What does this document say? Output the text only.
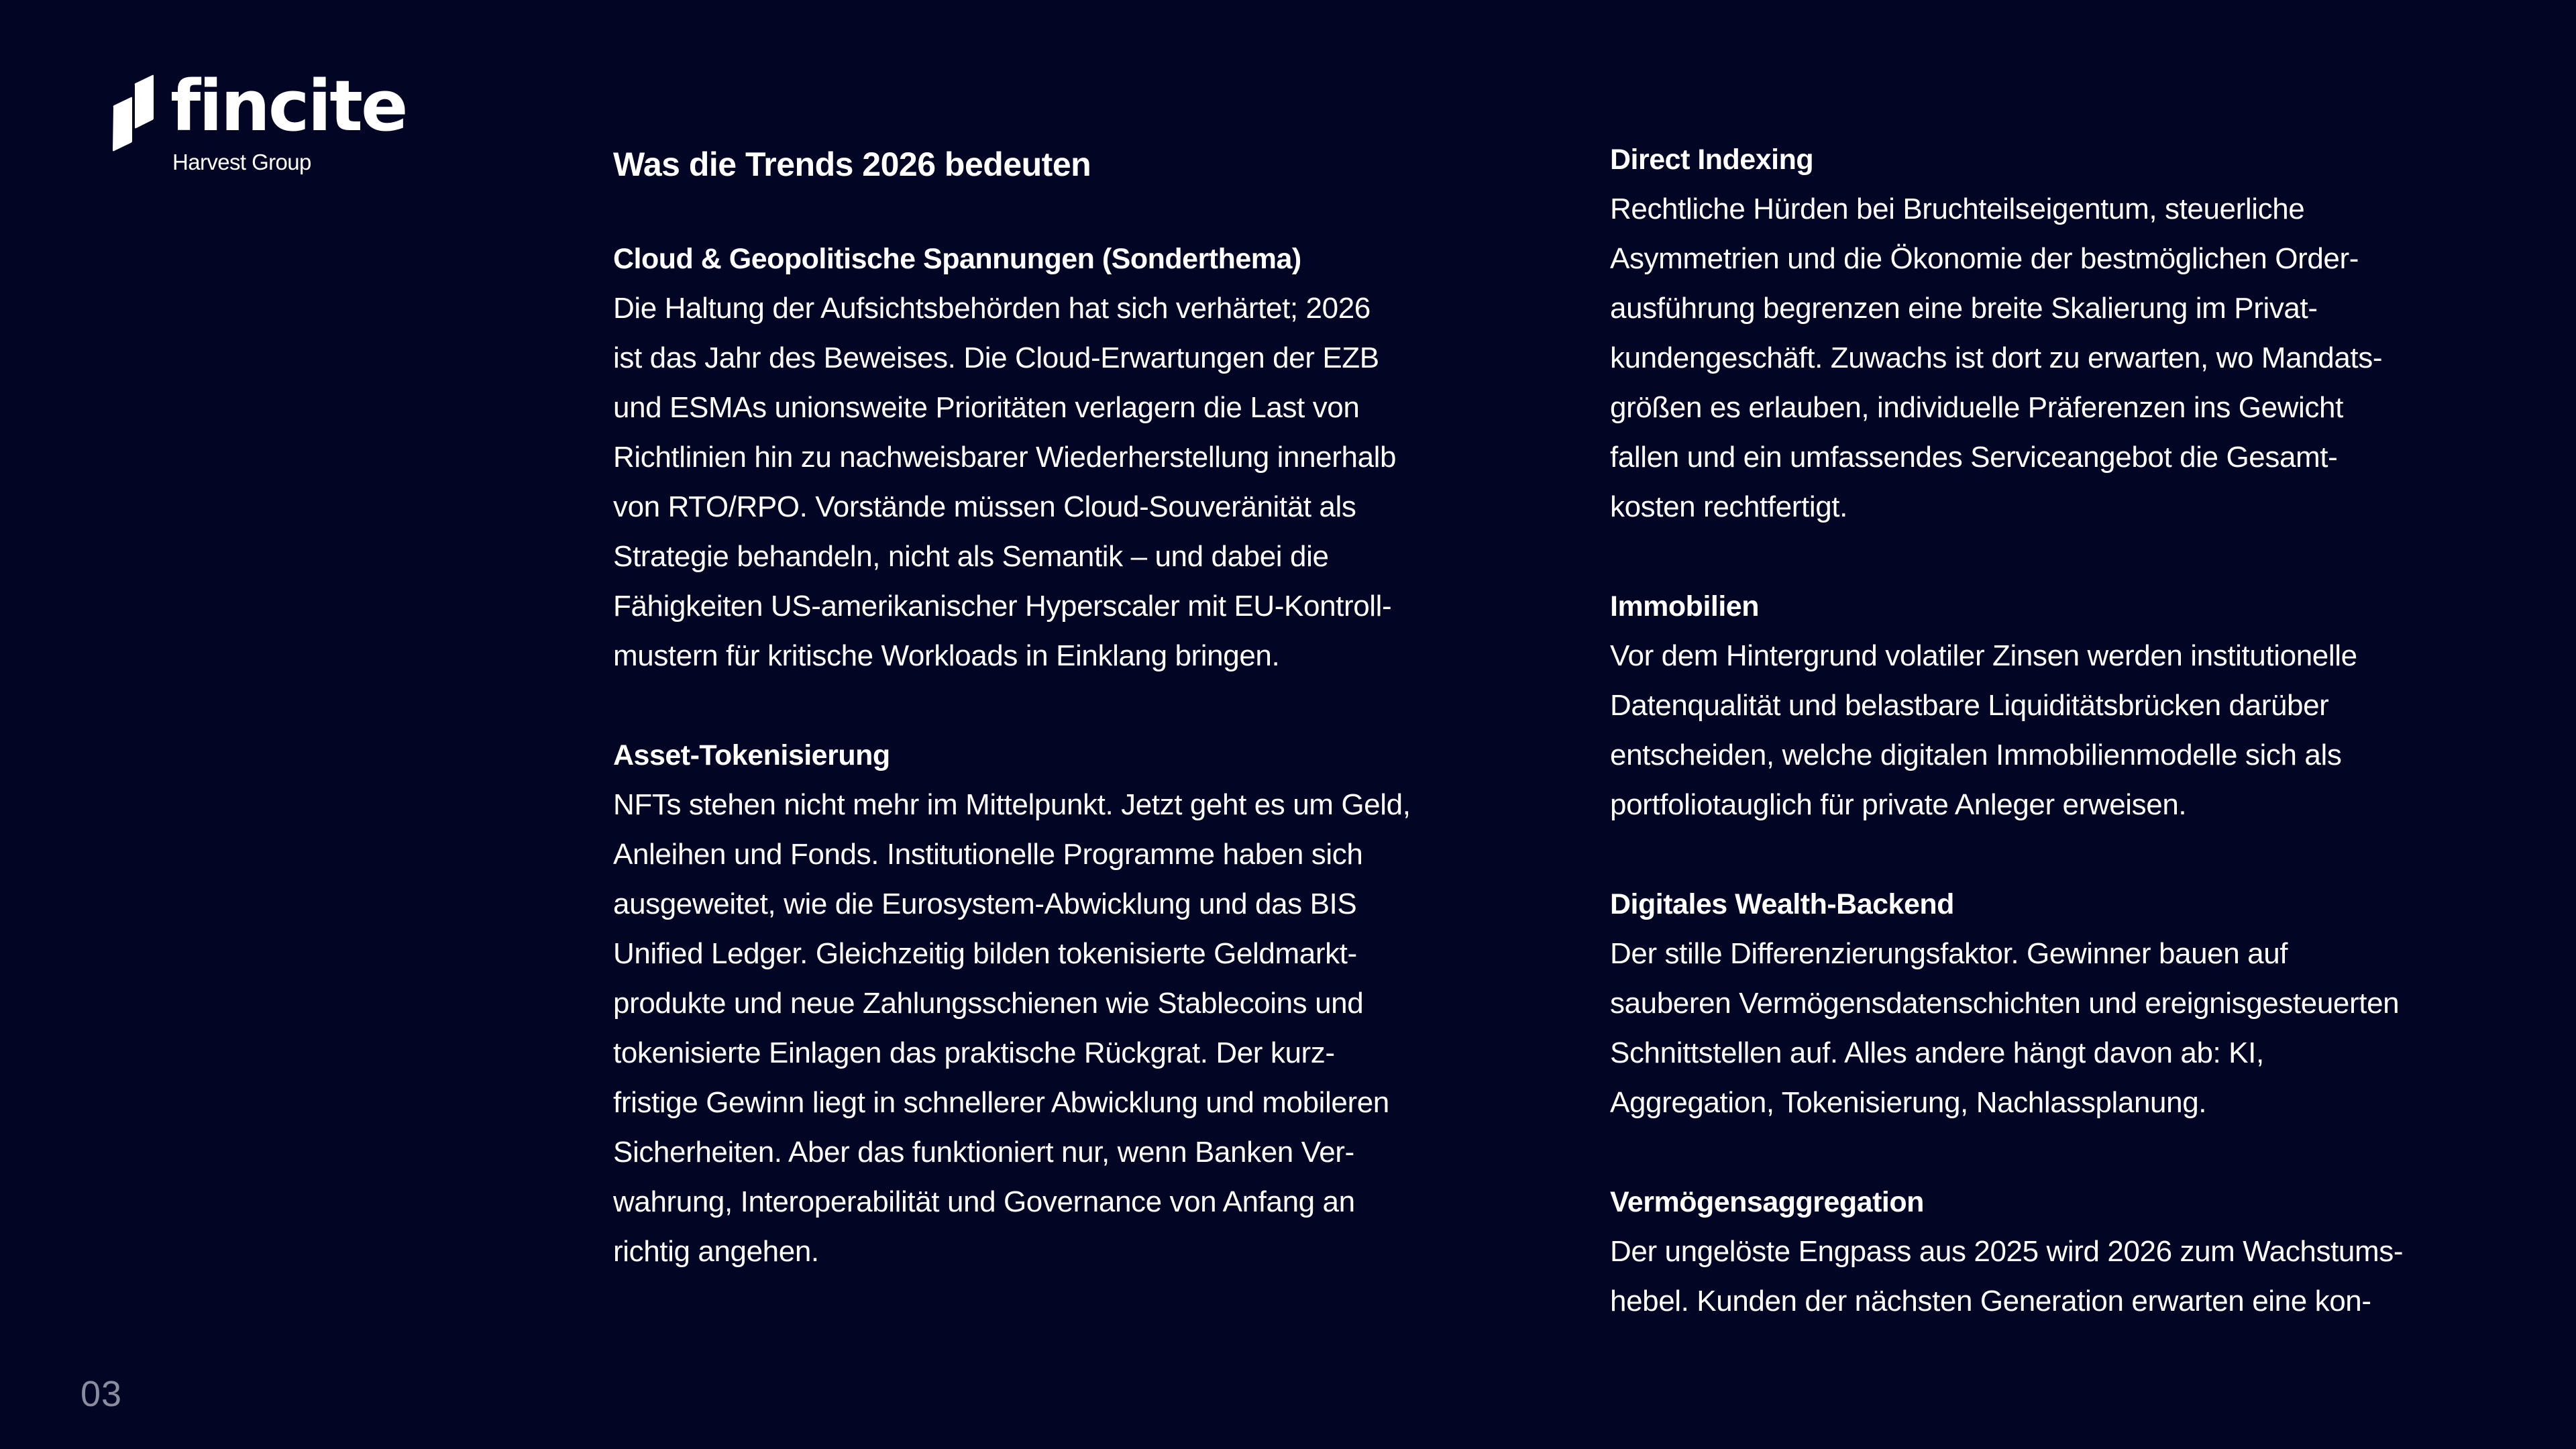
fincite
Harvest Group	Was die Trends 2026 bedeuten
Cloud & Geopolitische Spannungen (Sonderthema)
Die Haltung der Aufsichtsbehörden hat sich verhärtet; 2026
ist das Jahr des Beweises. Die Cloud-Erwartungen der EZB
und ESMAs unionsweite Prioritäten verlagern die Last von
Richtlinien hin zu nachweisbarer Wiederherstellung innerhalb
von RTO/RPO. Vorstände müssen Cloud-Souveränität als
Strategie behandeln, nicht als Semantik – und dabei die
Fähigkeiten US-amerikanischer Hyperscaler mit EU-Kontroll-
mustern für kritische Workloads in Einklang bringen.
Asset-Tokenisierung
NFTs stehen nicht mehr im Mittelpunkt. Jetzt geht es um Geld,
Anleihen und Fonds. Institutionelle Programme haben sich
ausgeweitet, wie die Eurosystem-Abwicklung und das BIS
Unified Ledger. Gleichzeitig bilden tokenisierte Geldmarkt-
produkte und neue Zahlungsschienen wie Stablecoins und
tokenisierte Einlagen das praktische Rückgrat. Der kurz-
fristige Gewinn liegt in schnellerer Abwicklung und mobileren
Sicherheiten. Aber das funktioniert nur, wenn Banken Ver-
wahrung, Interoperabilität und Governance von Anfang an
richtig angehen.
Direct Indexing
Rechtliche Hürden bei Bruchteilseigentum, steuerliche
Asymmetrien und die Ökonomie der bestmöglichen Order-
ausführung begrenzen eine breite Skalierung im Privat-
kundengeschäft. Zuwachs ist dort zu erwarten, wo Mandats-
größen es erlauben, individuelle Präferenzen ins Gewicht
fallen und ein umfassendes Serviceangebot die Gesamt-
kosten rechtfertigt.
Immobilien
Vor dem Hintergrund volatiler Zinsen werden institutionelle
Datenqualität und belastbare Liquiditätsbrücken darüber
entscheiden, welche digitalen Immobilienmodelle sich als
portfoliotauglich für private Anleger erweisen.
Digitales Wealth-Backend
Der stille Differenzierungsfaktor. Gewinner bauen auf
sauberen Vermögensdatenschichten und ereignisgesteuerten
Schnittstellen auf. Alles andere hängt davon ab: KI,
Aggregation, Tokenisierung, Nachlassplanung.
Vermögensaggregation
Der ungelöste Engpass aus 2025 wird 2026 zum Wachstums-
hebel. Kunden der nächsten Generation erwarten eine kon-
03
